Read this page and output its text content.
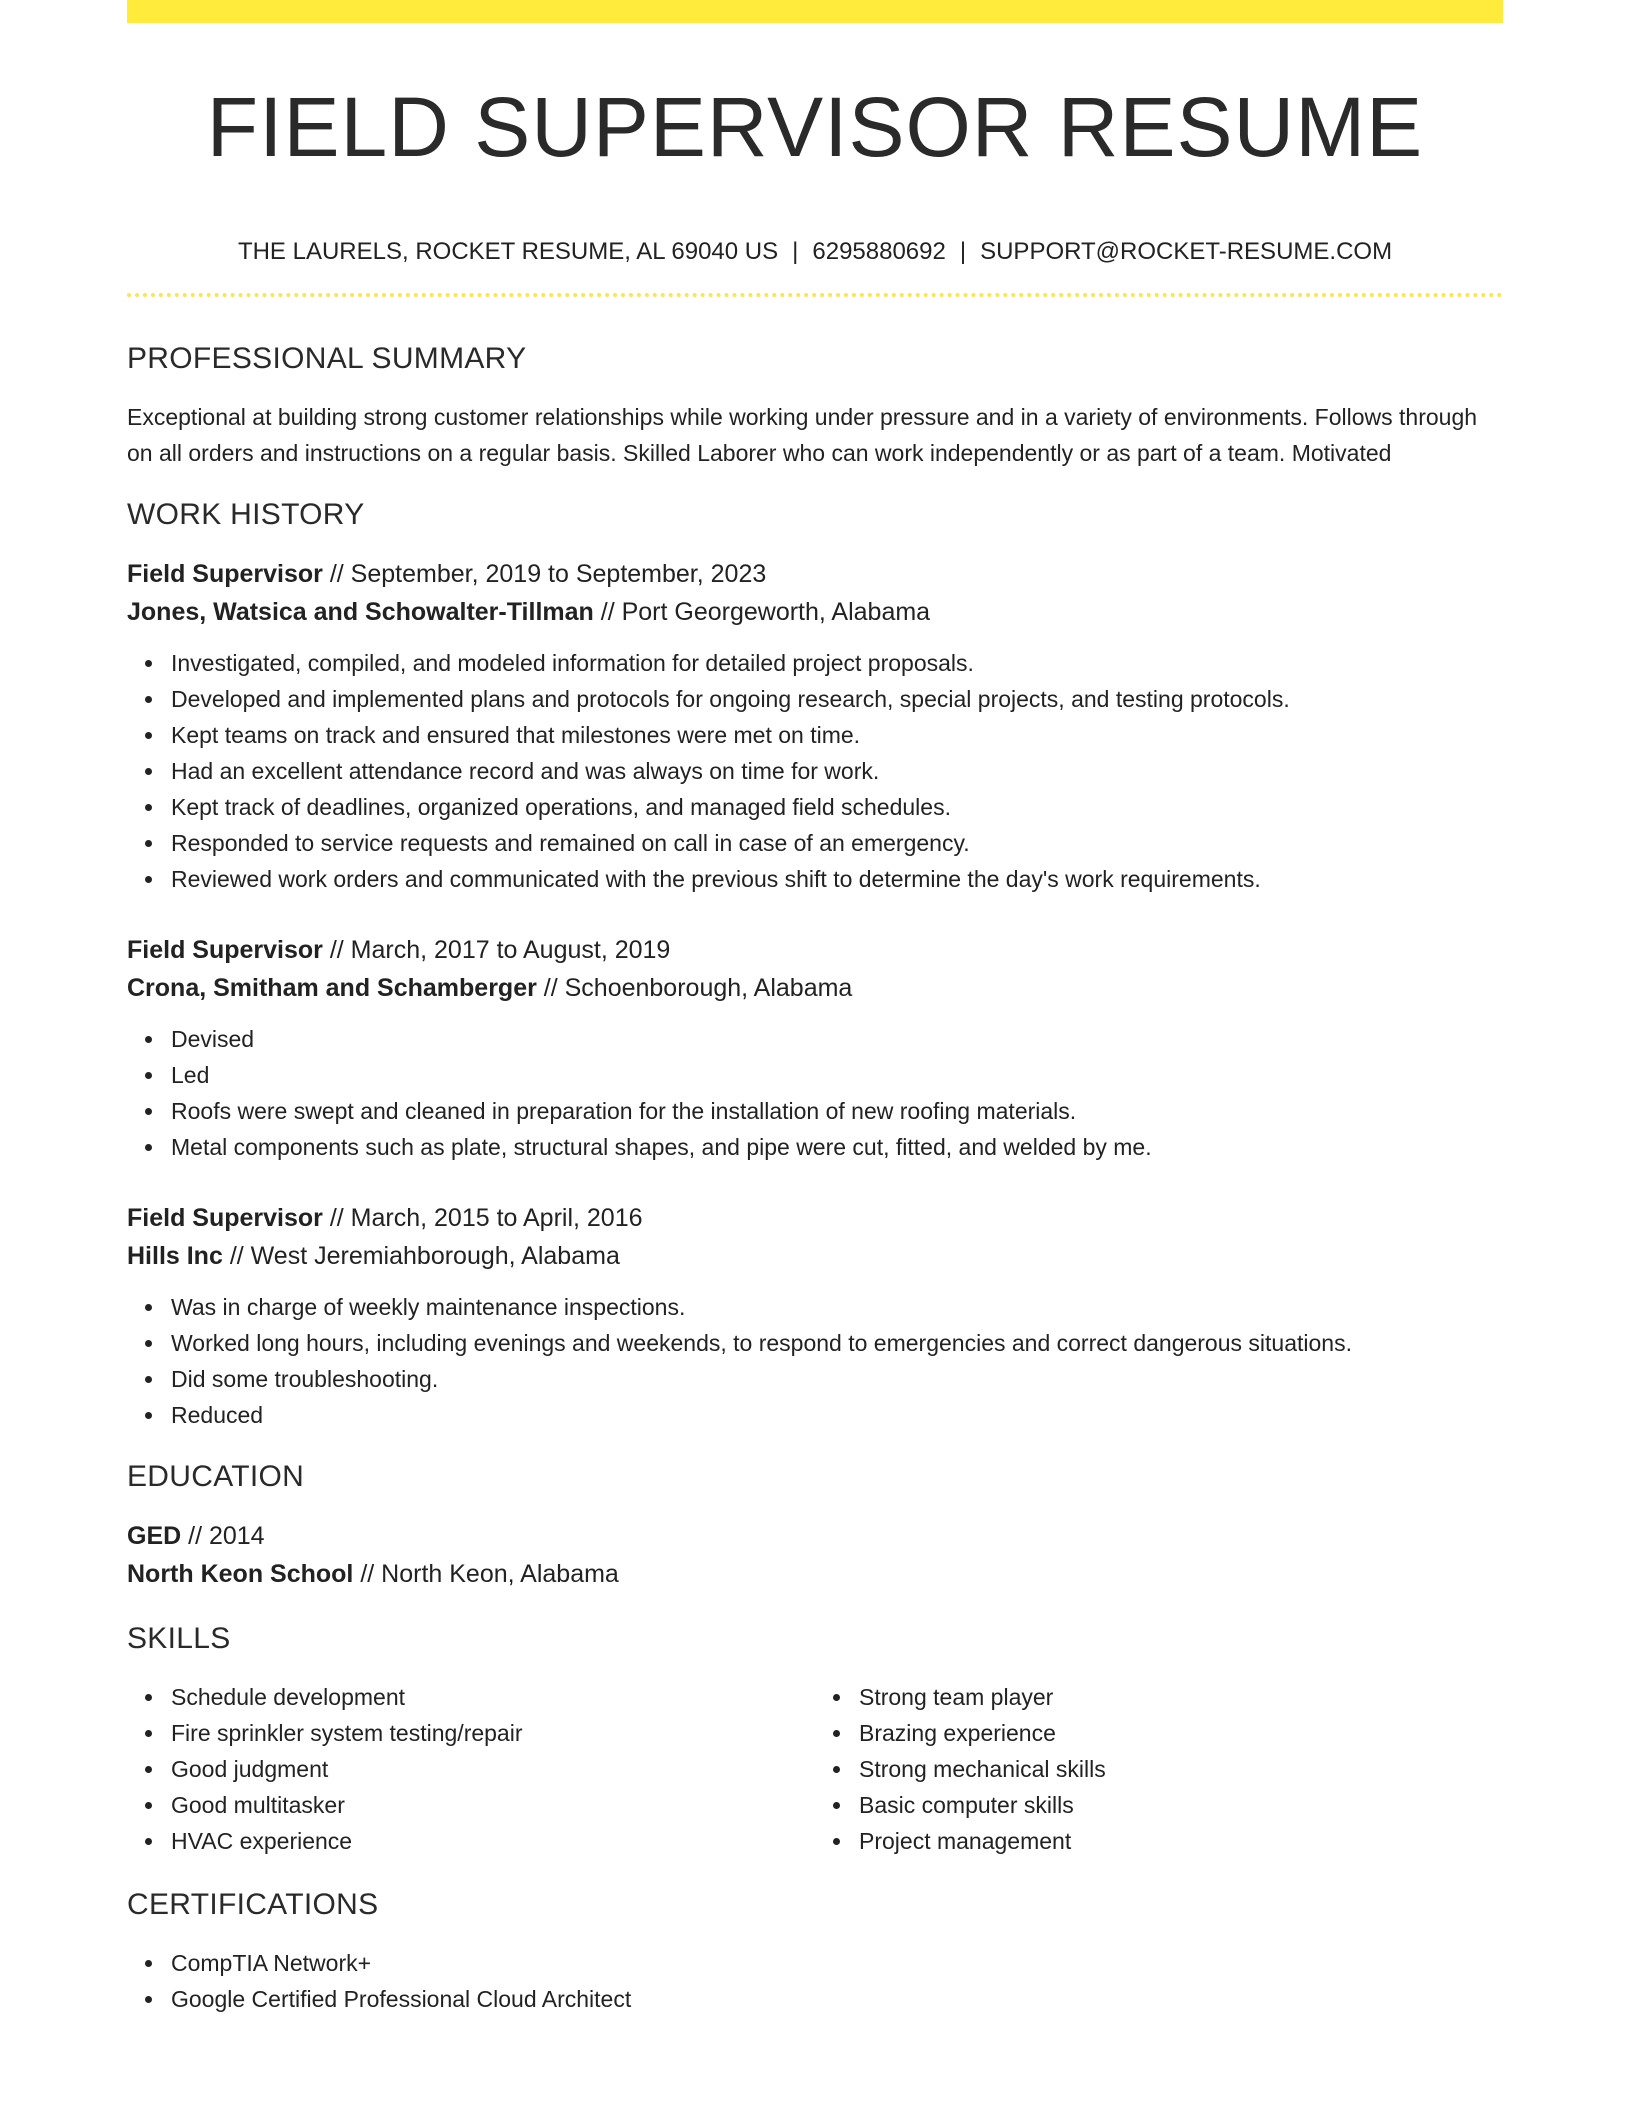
FIELD SUPERVISOR RESUME
THE LAURELS, ROCKET RESUME, AL 69040 US | 6295880692 | SUPPORT@ROCKET-RESUME.COM
PROFESSIONAL SUMMARY

Exceptional at building strong customer relationships while working under pressure and in a variety of environments. Follows through on all orders and instructions on a regular basis. Skilled Laborer who can work independently or as part of a team. Motivated

WORK HISTORY

Field Supervisor // September, 2019 to September, 2023

Jones, Watsica and Schowalter-Tillman // Port Georgeworth, Alabama

Investigated, compiled, and modeled information for detailed project proposals.
Developed and implemented plans and protocols for ongoing research, special projects, and testing protocols.
Kept teams on track and ensured that milestones were met on time.
Had an excellent attendance record and was always on time for work.
Kept track of deadlines, organized operations, and managed field schedules.
Responded to service requests and remained on call in case of an emergency.
Reviewed work orders and communicated with the previous shift to determine the day's work requirements.

Field Supervisor // March, 2017 to August, 2019

Crona, Smitham and Schamberger // Schoenborough, Alabama

Devised
Led
Roofs were swept and cleaned in preparation for the installation of new roofing materials.
Metal components such as plate, structural shapes, and pipe were cut, fitted, and welded by me.

Field Supervisor // March, 2015 to April, 2016

Hills Inc // West Jeremiahborough, Alabama

Was in charge of weekly maintenance inspections.
Worked long hours, including evenings and weekends, to respond to emergencies and correct dangerous situations.
Did some troubleshooting.
Reduced
EDUCATION

GED // 2014

North Keon School // North Keon, Alabama

SKILLS
Schedule development
Fire sprinkler system testing/repair
Good judgment
Good multitasker
HVAC experience
Strong team player
Brazing experience
Strong mechanical skills
Basic computer skills
Project management
CERTIFICATIONS
CompTIA Network+
Google Certified Professional Cloud Architect
